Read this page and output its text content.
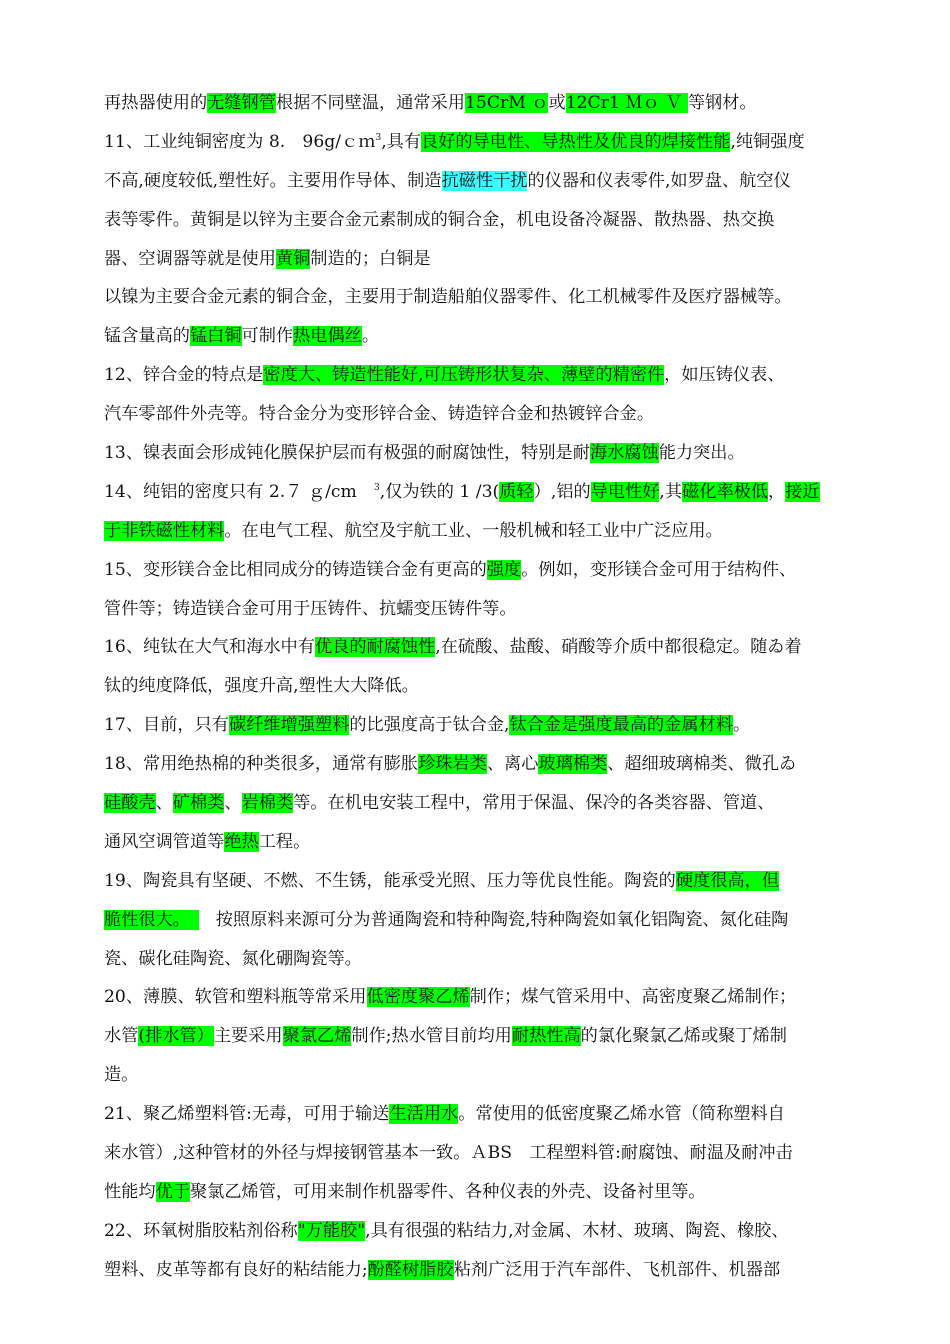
再热器使用的无缝钢管根据不同壁温，通常采用15CrM ｏ或12Cr1 Ｍｏ Ｖ 等钢材。
11、工业纯铜密度为 8.　96g/ｃｍ$^3$,具有良好的导电性、导热性及优良的焊接性能,纯铜强度
不高,硬度较低,塑性好。主要用作导体、制造抗磁性干扰的仪器和仪表零件,如罗盘、航空仪
表等零件。黄铜是以锌为主要合金元素制成的铜合金，机电设备冷凝器、散热器、热交换
器、空调器等就是使用黄铜制造的；白铜是
以镍为主要合金元素的铜合金，主要用于制造船舶仪器零件、化工机械零件及医疗器械等。
锰含量高的锰白铜可制作热电偶丝。
12、锌合金的特点是密度大、铸造性能好,可压铸形状复杂、薄壁的精密件，如压铸仪表、
汽车零部件外壳等。特合金分为变形锌合金、铸造锌合金和热镀锌合金。
13、镍表面会形成钝化膜保护层而有极强的耐腐蚀性，特别是耐海水腐蚀能力突出。
14、纯铝的密度只有 2.７ ｇ/cm　$^3$,仅为铁的 1 /3(质轻）,铝的导电性好,其磁化率极低，接近
于非铁磁性材料。在电气工程、航空及宇航工业、一般机械和轻工业中广泛应用。
15、变形镁合金比相同成分的铸造镁合金有更高的强度。例如，变形镁合金可用于结构件、
管件等；铸造镁合金可用于压铸件、抗蠕变压铸件等。
16、纯钛在大气和海水中有优良的耐腐蚀性,在硫酸、盐酸、硝酸等介质中都很稳定。随ゐ着
钛的纯度降低，强度升高,塑性大大降低。
17、目前，只有碳纤维增强塑料的比强度高于钛合金,钛合金是强度最高的金属材料。
18、常用绝热棉的种类很多，通常有膨胀珍珠岩类、离心玻璃棉类、超细玻璃棉类、微孔ゐ
硅酸壳、矿棉类、岩棉类等。在机电安装工程中，常用于保温、保冷的各类容器、管道、
通风空调管道等绝热工程。
19、陶瓷具有坚硬、不燃、不生锈，能承受光照、压力等优良性能。陶瓷的硬度很高，但
脆性很大。　　按照原料来源可分为普通陶瓷和特种陶瓷,特种陶瓷如氧化铝陶瓷、氮化硅陶
瓷、碳化硅陶瓷、氮化硼陶瓷等。
20、薄膜、软管和塑料瓶等常采用低密度聚乙烯制作；煤气管采用中、高密度聚乙烯制作；
水管(排水管）主要采用聚氯乙烯制作;热水管目前均用耐热性高的氯化聚氯乙烯或聚丁烯制
造。
21、聚乙烯塑料管:无毒，可用于输送生活用水。常使用的低密度聚乙烯水管（简称塑料自
来水管）,这种管材的外径与焊接钢管基本一致。ＡBS　工程塑料管:耐腐蚀、耐温及耐冲击
性能均优于聚氯乙烯管，可用来制作机器零件、各种仪表的外壳、设备衬里等。
22、环氧树脂胶粘剂俗称"万能胶",具有很强的粘结力,对金属、木材、玻璃、陶瓷、橡胶、
塑料、皮革等都有良好的粘结能力;酚醛树脂胶粘剂广泛用于汽车部件、飞机部件、机器部
